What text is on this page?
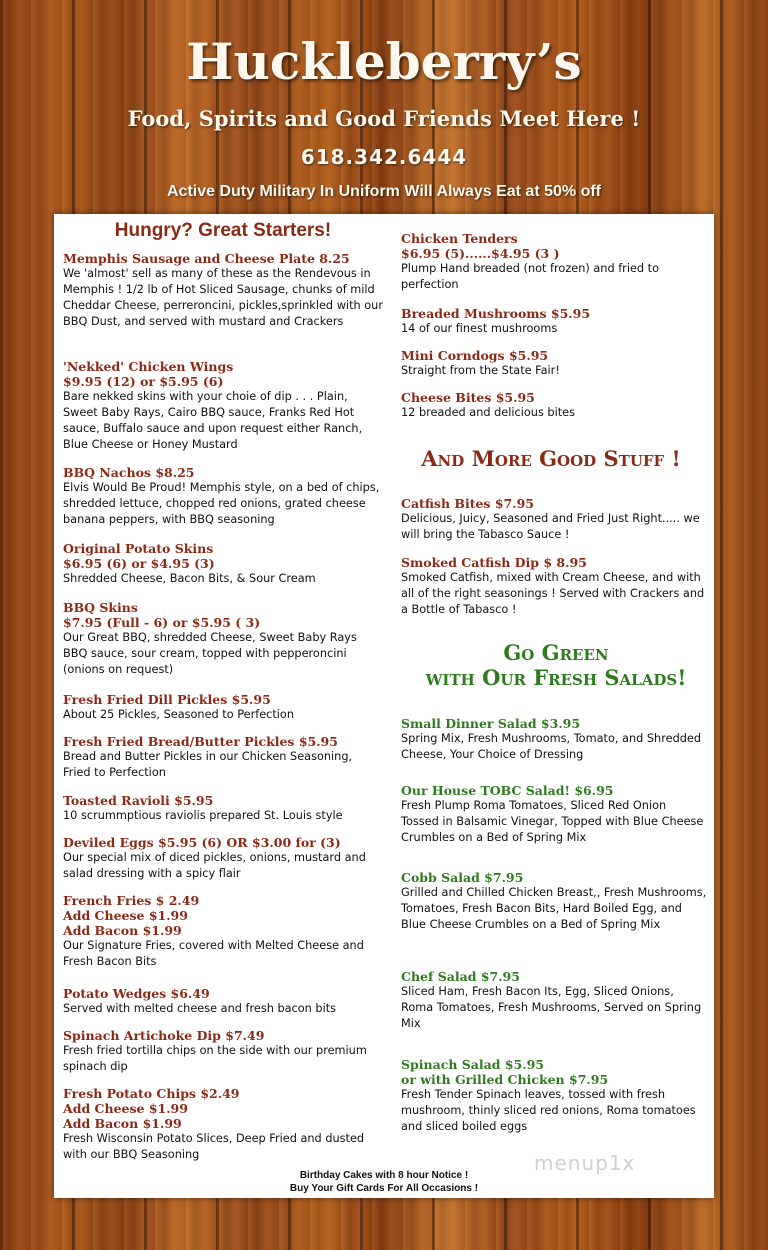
Huckleberry’s
Food, Spirits and Good Friends Meet Here !
618.342.6444
Active Duty Military In Uniform Will Always Eat at 50% off
Hungry? Great Starters!
Memphis Sausage and Cheese Plate 8.25
We 'almost' sell as many of these as the Rendevous in Memphis ! 1/2 lb of Hot Sliced Sausage, chunks of mild Cheddar Cheese, perreroncini, pickles,sprinkled with our BBQ Dust, and served with mustard and Crackers
'Nekked' Chicken Wings
$9.95 (12) or $5.95 (6)
Bare nekked skins with your choie of dip . . . Plain, Sweet Baby Rays, Cairo BBQ sauce, Franks Red Hot sauce, Buffalo sauce and upon request either Ranch, Blue Cheese or Honey Mustard
BBQ Nachos $8.25
Elvis Would Be Proud! Memphis style, on a bed of chips, shredded lettuce, chopped red onions, grated cheese banana peppers, with BBQ seasoning
Original Potato Skins
$6.95 (6) or $4.95 (3)
Shredded Cheese, Bacon Bits, & Sour Cream
BBQ Skins
$7.95 (Full - 6) or $5.95 ( 3)
Our Great BBQ, shredded Cheese, Sweet Baby Rays BBQ sauce, sour cream, topped with pepperoncini (onions on request)
Fresh Fried Dill Pickles $5.95
About 25 Pickles, Seasoned to Perfection
Fresh Fried Bread/Butter Pickles $5.95
Bread and Butter Pickles in our Chicken Seasoning, Fried to Perfection
Toasted Ravioli $5.95
10 scrummptious raviolis prepared St. Louis style
Deviled Eggs $5.95 (6) OR $3.00 for (3)
Our special mix of diced pickles, onions, mustard and salad dressing with a spicy flair
French Fries $ 2.49
Add Cheese $1.99
Add Bacon $1.99
Our Signature Fries, covered with Melted Cheese and Fresh Bacon Bits
Potato Wedges $6.49
Served with melted cheese and fresh bacon bits
Spinach Artichoke Dip $7.49
Fresh fried tortilla chips on the side with our premium spinach dip
Fresh Potato Chips $2.49
Add Cheese $1.99
Add Bacon $1.99
Fresh Wisconsin Potato Slices, Deep Fried and dusted with our BBQ Seasoning
Chicken Tenders
$6.95 (5)......$4.95 (3 )
Plump Hand breaded (not frozen) and fried to perfection
Breaded Mushrooms $5.95
14 of our finest mushrooms
Mini Corndogs $5.95
Straight from the State Fair!
Cheese Bites $5.95
12 breaded and delicious bites
And More Good Stuff !
Catfish Bites $7.95
Delicious, Juicy, Seasoned and Fried Just Right..... we will bring the Tabasco Sauce !
Smoked Catfish Dip $ 8.95
Smoked Catfish, mixed with Cream Cheese, and with all of the right seasonings ! Served with Crackers and a Bottle of Tabasco !
Go Green
with Our Fresh Salads!
Small Dinner Salad $3.95
Spring Mix, Fresh Mushrooms, Tomato, and Shredded Cheese, Your Choice of Dressing
Our House TOBC Salad! $6.95
Fresh Plump Roma Tomatoes, Sliced Red Onion Tossed in Balsamic Vinegar, Topped with Blue Cheese Crumbles on a Bed of Spring Mix
Cobb Salad $7.95
Grilled and Chilled Chicken Breast,, Fresh Mushrooms, Tomatoes, Fresh Bacon Bits, Hard Boiled Egg, and Blue Cheese Crumbles on a Bed of Spring Mix
Chef Salad $7.95
Sliced Ham, Fresh Bacon Its, Egg, Sliced Onions, Roma Tomatoes, Fresh Mushrooms, Served on Spring Mix
Spinach Salad $5.95
or with Grilled Chicken $7.95
Fresh Tender Spinach leaves, tossed with fresh mushroom, thinly sliced red onions, Roma tomatoes and sliced boiled eggs
menup1x
Birthday Cakes with 8 hour Notice !
Buy Your Gift Cards For All Occasions !
